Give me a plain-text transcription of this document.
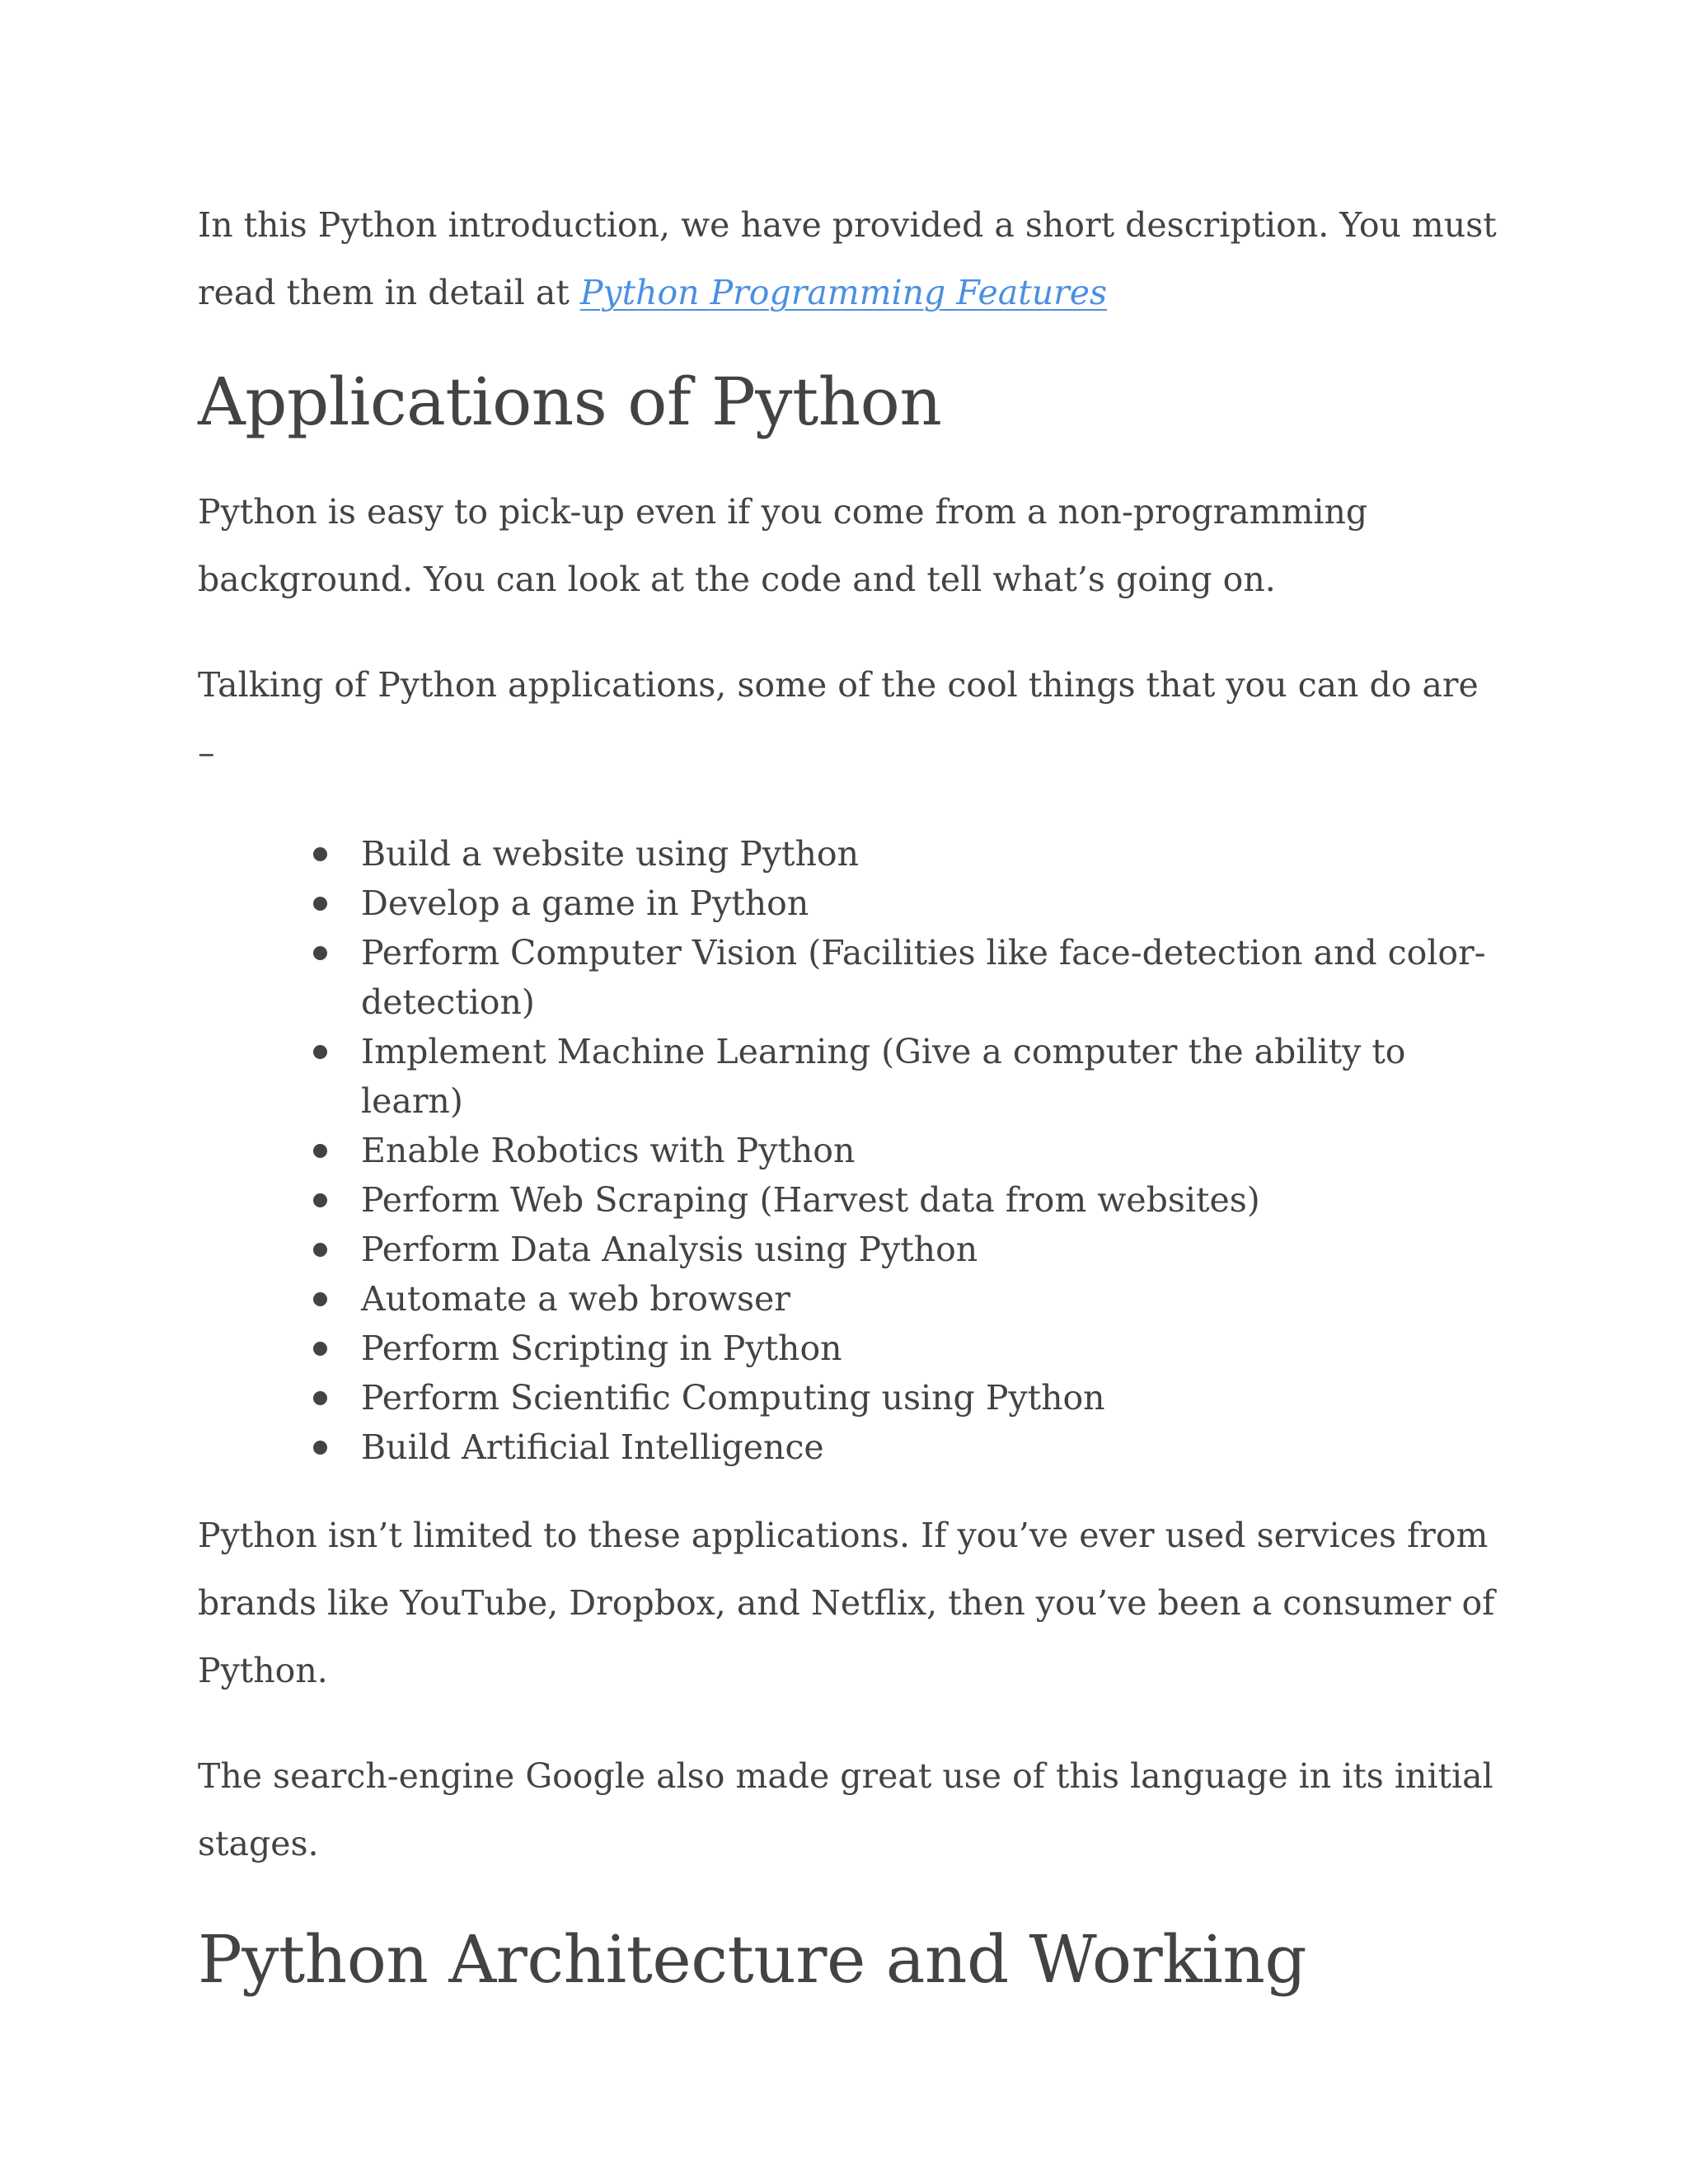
In this Python introduction, we have provided a short description. You must read them in detail at Python Programming Features

Applications of Python

Python is easy to pick-up even if you come from a non-programming background. You can look at the code and tell what’s going on.

Talking of Python applications, some of the cool things that you can do are –

Build a website using Python
Develop a game in Python
Perform Computer Vision (Facilities like face-detection and color-detection)
Implement Machine Learning (Give a computer the ability to learn)
Enable Robotics with Python
Perform Web Scraping (Harvest data from websites)
Perform Data Analysis using Python
Automate a web browser
Perform Scripting in Python
Perform Scientific Computing using Python
Build Artificial Intelligence

Python isn’t limited to these applications. If you’ve ever used services from brands like YouTube, Dropbox, and Netflix, then you’ve been a consumer of Python.

The search-engine Google also made great use of this language in its initial stages.

Python Architecture and Working
